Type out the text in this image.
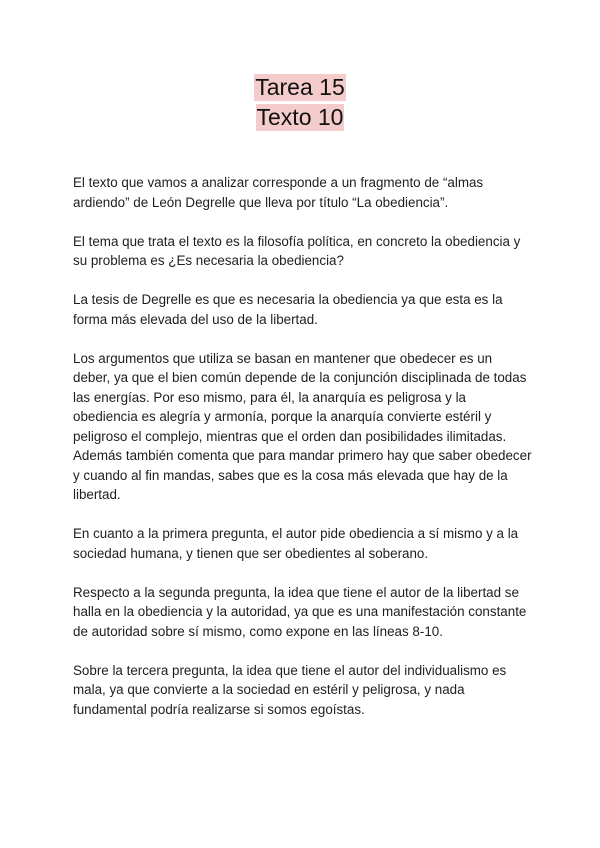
Tarea 15
Texto 10

El texto que vamos a analizar corresponde a un fragmento de “almas ardiendo” de León Degrelle que lleva por título “La obediencia”.

El tema que trata el texto es la filosofía política, en concreto la obediencia y su problema es ¿Es necesaria la obediencia?

La tesis de Degrelle es que es necesaria la obediencia ya que esta es la forma más elevada del uso de la libertad.

Los argumentos que utiliza se basan en mantener que obedecer es un deber, ya que el bien común depende de la conjunción disciplinada de todas las energías. Por eso mismo, para él, la anarquía es peligrosa y la obediencia es alegría y armonía, porque la anarquía convierte estéril y peligroso el complejo, mientras que el orden dan posibilidades ilimitadas. Además también comenta que para mandar primero hay que saber obedecer y cuando al fin mandas, sabes que es la cosa más elevada que hay de la libertad.

En cuanto a la primera pregunta, el autor pide obediencia a sí mismo y a la sociedad humana, y tienen que ser obedientes al soberano.

Respecto a la segunda pregunta, la idea que tiene el autor de la libertad se halla en la obediencia y la autoridad, ya que es una manifestación constante de autoridad sobre sí mismo, como expone en las líneas 8-10.

Sobre la tercera pregunta, la idea que tiene el autor del individualismo es mala, ya que convierte a la sociedad en estéril y peligrosa, y nada fundamental podría realizarse si somos egoístas.
